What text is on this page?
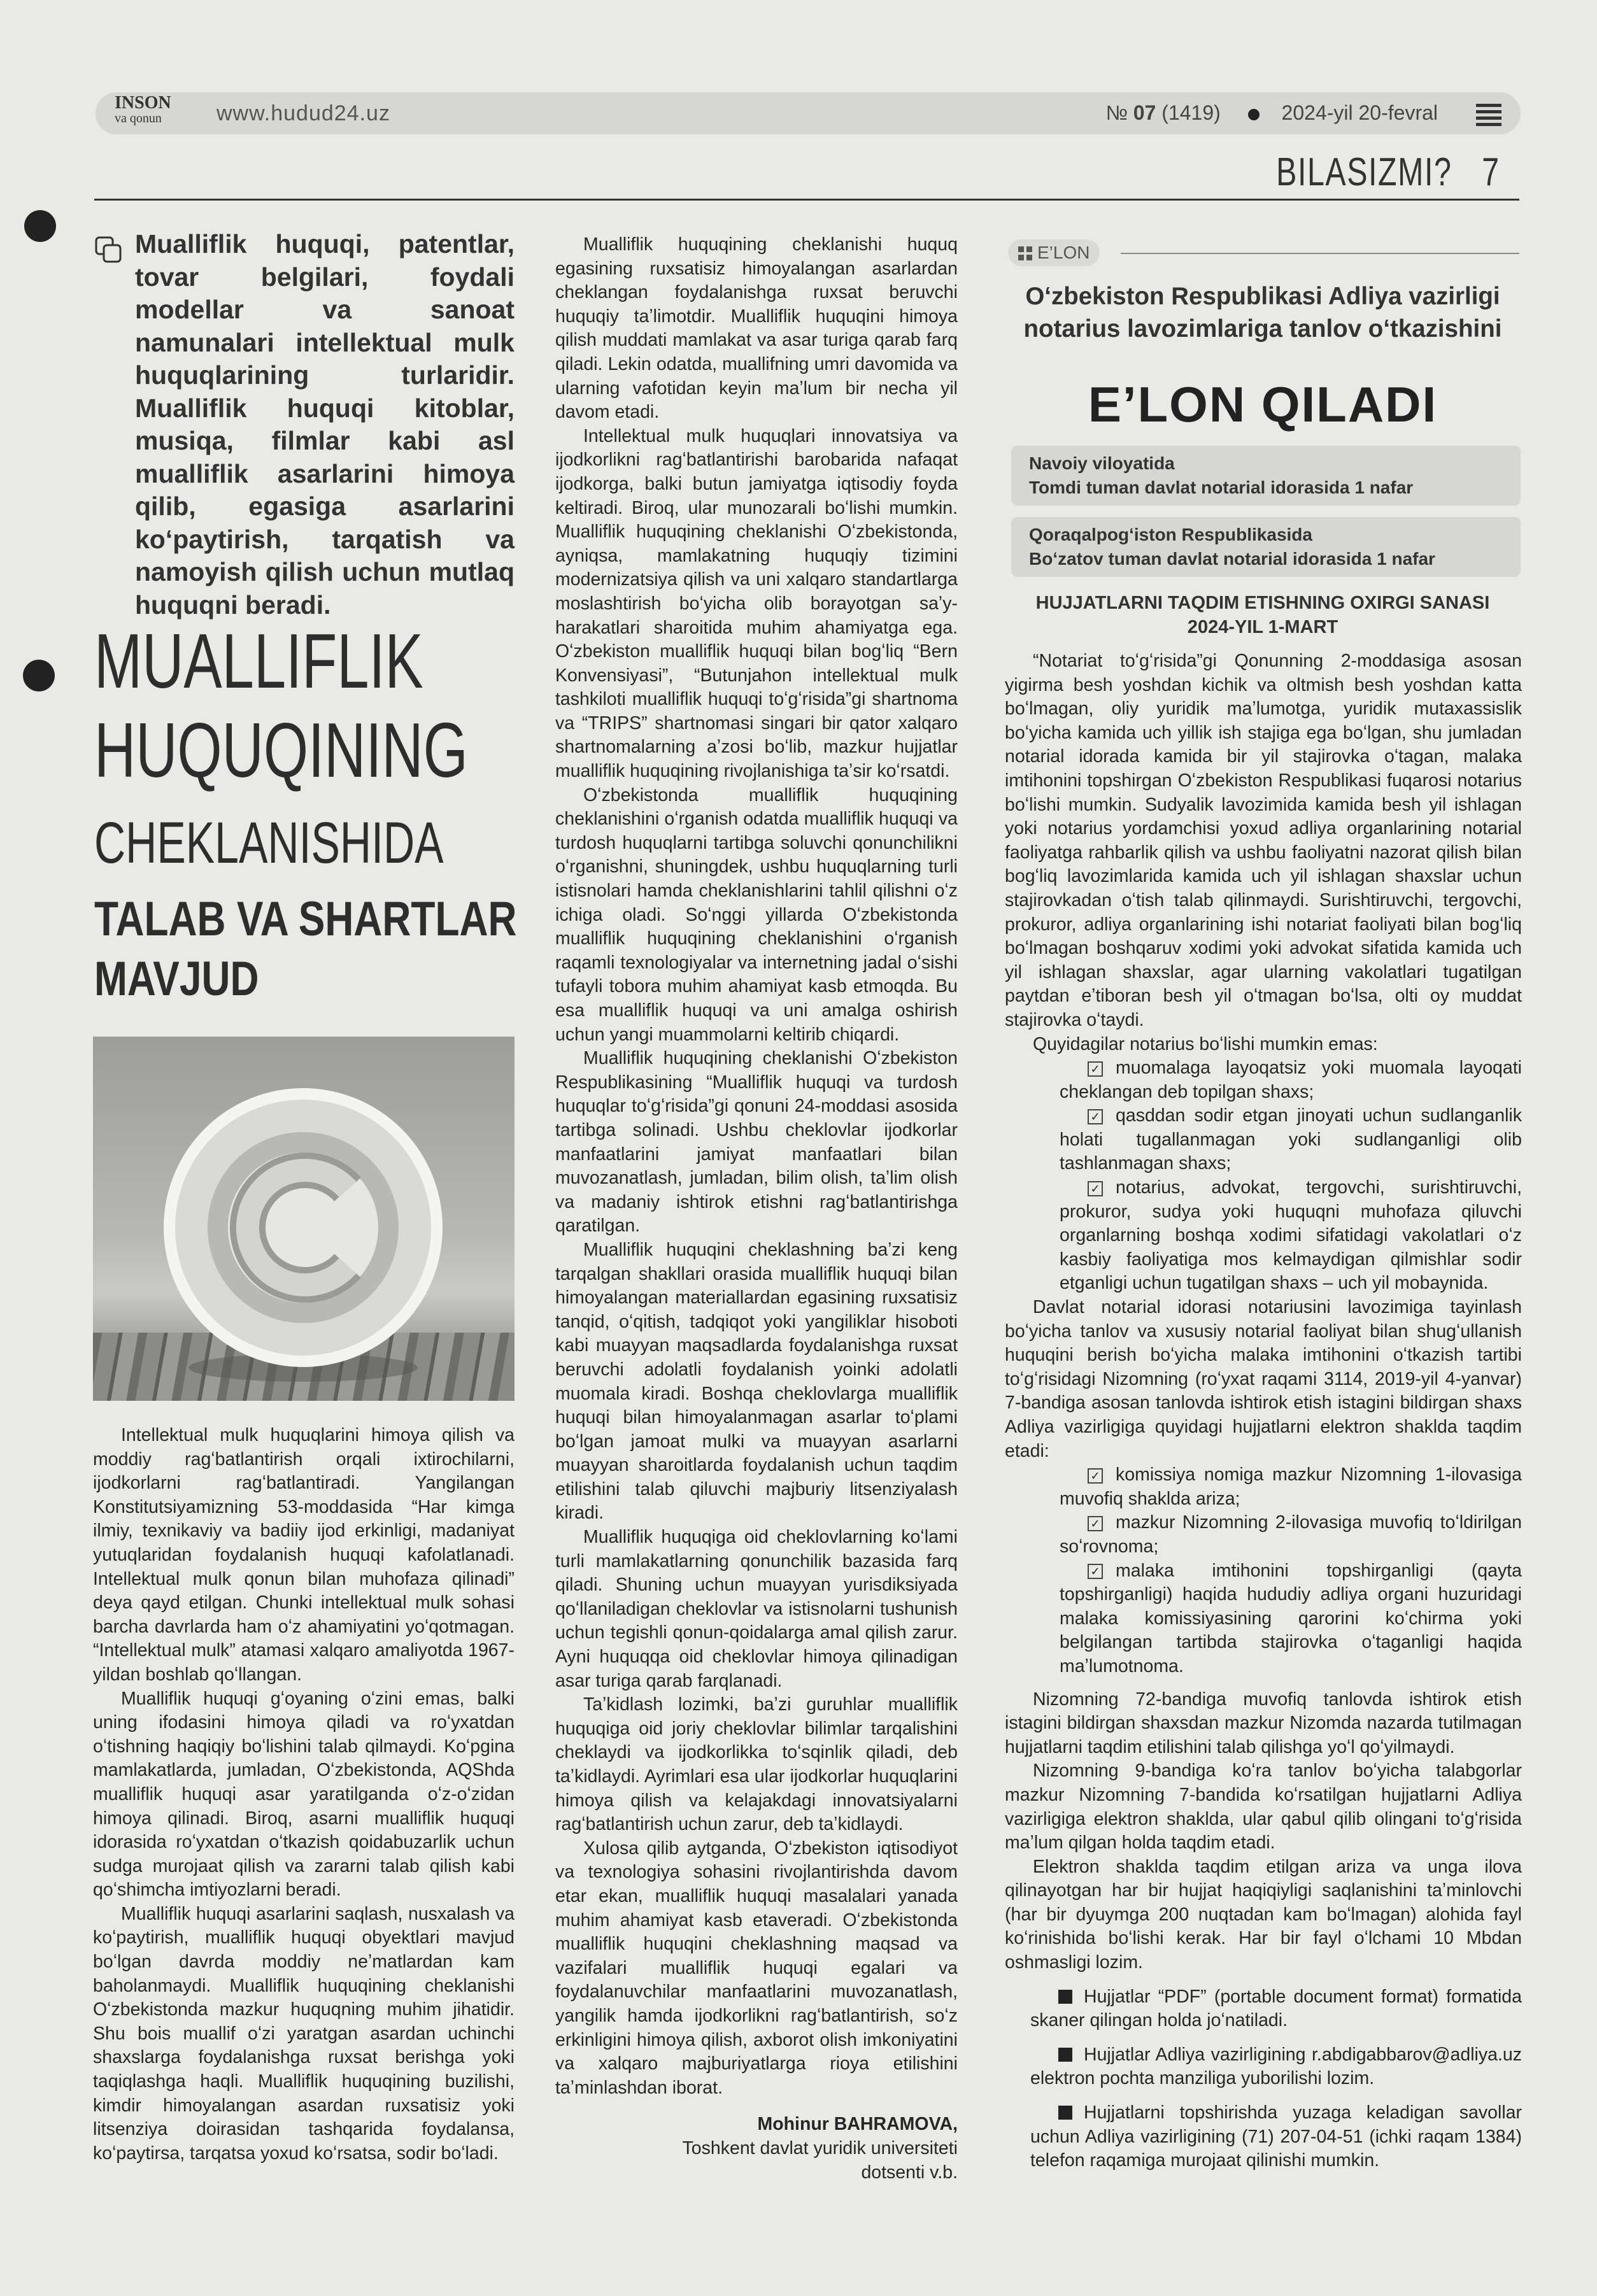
INSON
va qonun	www.hudud24.uz	№ 07 (1419)	2024-yil 20-fevral
BILASIZMI? 7
Mualliflik huquqi, patentlar, tovar belgilari, foydali modellar va sanoat namunalari intellektual mulk huquqlarining turlaridir. Mualliflik huquqi kitoblar, musiqa, filmlar kabi asl mualliflik asarlarini himoya qilib, egasiga asarlarini koʻpaytirish, tarqatish va namoyish qilish uchun mutlaq huquqni beradi.
MUALLIFLIK
HUQUQINING
CHEKLANISHIDA
TALAB VA SHARTLAR
MAVJUD

Intellektual mulk huquqlarini himoya qilish va moddiy ragʻbatlantirish orqali ixtirochilarni, ijodkorlarni ragʻbatlantiradi. Yangilangan Konstitutsiyamizning 53-moddasida “Har kimga ilmiy, texnikaviy va badiiy ijod erkinligi, madaniyat yutuqlaridan foydalanish huquqi kafolatlanadi. Intellektual mulk qonun bilan muhofaza qilinadi” deya qayd etilgan. Chunki intellektual mulk sohasi barcha davrlarda ham oʻz ahamiyatini yoʻqotmagan. “Intellektual mulk” atamasi xalqaro amaliyotda 1967-yildan boshlab qoʻllangan.

Mualliflik huquqi gʻoyaning oʻzini emas, balki uning ifodasini himoya qiladi va roʻyxatdan oʻtishning haqiqiy boʻlishini talab qilmaydi. Koʻpgina mamlakatlarda, jumladan, Oʻzbekistonda, AQShda mualliflik huquqi asar yaratilganda oʻz-oʻzidan himoya qilinadi. Biroq, asarni mualliflik huquqi idorasida roʻyxatdan oʻtkazish qoidabuzarlik uchun sudga murojaat qilish va zararni talab qilish kabi qoʻshimcha imtiyozlarni beradi.

Mualliflik huquqi asarlarini saqlash, nusxalash va koʻpaytirish, mualliflik huquqi obyektlari mavjud boʻlgan davrda moddiy neʼmatlardan kam baholanmaydi. Mualliflik huquqining cheklanishi Oʻzbekistonda mazkur huquqning muhim jihatidir. Shu bois muallif oʻzi yaratgan asardan uchinchi shaxslarga foydalanishga ruxsat berishga yoki taqiqlashga haqli. Mualliflik huquqining buzilishi, kimdir himoyalangan asardan ruxsatisiz yoki litsenziya doirasidan tashqarida foydalansa, koʻpaytirsa, tarqatsa yoxud koʻrsatsa, sodir boʻladi.

Mualliflik huquqining cheklanishi huquq egasining ruxsatisiz himoyalangan asarlardan cheklangan foydalanishga ruxsat beruvchi huquqiy taʼlimotdir. Mualliflik huquqini himoya qilish muddati mamlakat va asar turiga qarab farq qiladi. Lekin odatda, muallifning umri davomida va ularning vafotidan keyin maʼlum bir necha yil davom etadi.

Intellektual mulk huquqlari innovatsiya va ijodkorlikni ragʻbatlantirishi barobarida nafaqat ijodkorga, balki butun jamiyatga iqtisodiy foyda keltiradi. Biroq, ular munozarali boʻlishi mumkin. Mualliflik huquqining cheklanishi Oʻzbekistonda, ayniqsa, mamlakatning huquqiy tizimini modernizatsiya qilish va uni xalqaro standartlarga moslashtirish boʻyicha olib borayotgan saʼy-harakatlari sharoitida muhim ahamiyatga ega. Oʻzbekiston mualliflik huquqi bilan bogʻliq “Bern Konvensiyasi”, “Butunjahon intellektual mulk tashkiloti mualliflik huquqi toʻgʻrisida”gi shartnoma va “TRIPS” shartnomasi singari bir qator xalqaro shartnomalarning aʼzosi boʻlib, mazkur hujjatlar mualliflik huquqining rivojlanishiga taʼsir koʻrsatdi.

Oʻzbekistonda mualliflik huquqining cheklanishini oʻrganish odatda mualliflik huquqi va turdosh huquqlarni tartibga soluvchi qonunchilikni oʻrganishni, shuningdek, ushbu huquqlarning turli istisnolari hamda cheklanishlarini tahlil qilishni oʻz ichiga oladi. Soʻnggi yillarda Oʻzbekistonda mualliflik huquqining cheklanishini oʻrganish raqamli texnologiyalar va internetning jadal oʻsishi tufayli tobora muhim ahamiyat kasb etmoqda. Bu esa mualliflik huquqi va uni amalga oshirish uchun yangi muammolarni keltirib chiqardi.

Mualliflik huquqining cheklanishi Oʻzbekiston Respublikasining “Mualliflik huquqi va turdosh huquqlar toʻgʻrisida”gi qonuni 24-moddasi asosida tartibga solinadi. Ushbu cheklovlar ijodkorlar manfaatlarini jamiyat manfaatlari bilan muvozanatlash, jumladan, bilim olish, taʼlim olish va madaniy ishtirok etishni ragʻbatlantirishga qaratilgan.

Mualliflik huquqini cheklashning baʼzi keng tarqalgan shakllari orasida mualliflik huquqi bilan himoyalangan materiallardan egasining ruxsatisiz tanqid, oʻqitish, tadqiqot yoki yangiliklar hisoboti kabi muayyan maqsadlarda foydalanishga ruxsat beruvchi adolatli foydalanish yoinki adolatli muomala kiradi. Boshqa cheklovlarga mualliflik huquqi bilan himoyalanmagan asarlar toʻplami boʻlgan jamoat mulki va muayyan asarlarni muayyan sharoitlarda foydalanish uchun taqdim etilishini talab qiluvchi majburiy litsenziyalash kiradi.

Mualliflik huquqiga oid cheklovlarning koʻlami turli mamlakatlarning qonunchilik bazasida farq qiladi. Shuning uchun muayyan yurisdiksiyada qoʻllaniladigan cheklovlar va istisnolarni tushunish uchun tegishli qonun-qoidalarga amal qilish zarur. Ayni huquqqa oid cheklovlar himoya qilinadigan asar turiga qarab farqlanadi.

Taʼkidlash lozimki, baʼzi guruhlar mualliflik huquqiga oid joriy cheklovlar bilimlar tarqalishini cheklaydi va ijodkorlikka toʻsqinlik qiladi, deb taʼkidlaydi. Ayrimlari esa ular ijodkorlar huquqlarini himoya qilish va kelajakdagi innovatsiyalarni ragʻbatlantirish uchun zarur, deb taʼkidlaydi.

Xulosa qilib aytganda, Oʻzbekiston iqtisodiyot va texnologiya sohasini rivojlantirishda davom etar ekan, mualliflik huquqi masalalari yanada muhim ahamiyat kasb etaveradi. Oʻzbekistonda mualliflik huquqini cheklashning maqsad va vazifalari mualliflik huquqi egalari va foydalanuvchilar manfaatlarini muvozanatlash, yangilik hamda ijodkorlikni ragʻbatlantirish, soʻz erkinligini himoya qilish, axborot olish imkoniyatini va xalqaro majburiyatlarga rioya etilishini taʼminlashdan iborat.

Mohinur BAHRAMOVA,
Toshkent davlat yuridik universiteti
dotsenti v.b.
E’LON
Oʻzbekiston Respublikasi Adliya vazirligi notarius lavozimlariga tanlov oʻtkazishini
E’LON QILADI
Navoiy viloyatida
Tomdi tuman davlat notarial idorasida 1 nafar
Qoraqalpogʻiston Respublikasida
Boʻzatov tuman davlat notarial idorasida 1 nafar
HUJJATLARNI TAQDIM ETISHNING OXIRGI SANASI
2024-YIL 1-MART

“Notariat toʻgʻrisida”gi Qonunning 2-moddasiga asosan yigirma besh yoshdan kichik va oltmish besh yoshdan katta boʻlmagan, oliy yuridik maʼlumotga, yuridik mutaxassislik boʻyicha kamida uch yillik ish stajiga ega boʻlgan, shu jumladan notarial idorada kamida bir yil stajirovka oʻtagan, malaka imtihonini topshirgan Oʻzbekiston Respublikasi fuqarosi notarius boʻlishi mumkin. Sudyalik lavozimida kamida besh yil ishlagan yoki notarius yordamchisi yoxud adliya organlarining notarial faoliyatga rahbarlik qilish va ushbu faoliyatni nazorat qilish bilan bogʻliq lavozimlarida kamida uch yil ishlagan shaxslar uchun stajirovkadan oʻtish talab qilinmaydi. Surishtiruvchi, tergovchi, prokuror, adliya organlarining ishi notariat faoliyati bilan bogʻliq boʻlmagan boshqaruv xodimi yoki advokat sifatida kamida uch yil ishlagan shaxslar, agar ularning vakolatlari tugatilgan paytdan eʼtiboran besh yil oʻtmagan boʻlsa, olti oy muddat stajirovka oʻtaydi.

Quyidagilar notarius boʻlishi mumkin emas:

✓ muomalaga layoqatsiz yoki muomala layoqati cheklangan deb topilgan shaxs;

✓ qasddan sodir etgan jinoyati uchun sudlanganlik holati tugallanmagan yoki sudlanganligi olib tashlanmagan shaxs;

✓ notarius, advokat, tergovchi, surishtiruvchi, prokuror, sudya yoki huquqni muhofaza qiluvchi organlarning boshqa xodimi sifatidagi vakolatlari oʻz kasbiy faoliyatiga mos kelmaydigan qilmishlar sodir etganligi uchun tugatilgan shaxs – uch yil mobaynida.

Davlat notarial idorasi notariusini lavozimiga tayinlash boʻyicha tanlov va xususiy notarial faoliyat bilan shugʻullanish huquqini berish boʻyicha malaka imtihonini oʻtkazish tartibi toʻgʻrisidagi Nizomning (roʻyxat raqami 3114, 2019-yil 4-yanvar) 7-bandiga asosan tanlovda ishtirok etish istagini bildirgan shaxs Adliya vazirligiga quyidagi hujjatlarni elektron shaklda taqdim etadi:

✓ komissiya nomiga mazkur Nizomning 1-ilovasiga muvofiq shaklda ariza;

✓ mazkur Nizomning 2-ilovasiga muvofiq toʻldirilgan soʻrovnoma;

✓ malaka imtihonini topshirganligi (qayta topshirganligi) haqida hududiy adliya organi huzuridagi malaka komissiyasining qarorini koʻchirma yoki belgilangan tartibda stajirovka oʻtaganligi haqida maʼlumotnoma.

Nizomning 72-bandiga muvofiq tanlovda ishtirok etish istagini bildirgan shaxsdan mazkur Nizomda nazarda tutilmagan hujjatlarni taqdim etilishini talab qilishga yoʻl qoʻyilmaydi.

Nizomning 9-bandiga koʻra tanlov boʻyicha talabgorlar mazkur Nizomning 7-bandida koʻrsatilgan hujjatlarni Adliya vazirligiga elektron shaklda, ular qabul qilib olingani toʻgʻrisida maʼlum qilgan holda taqdim etadi.

Elektron shaklda taqdim etilgan ariza va unga ilova qilinayotgan har bir hujjat haqiqiyligi saqlanishini taʼminlovchi (har bir dyuymga 200 nuqtadan kam boʻlmagan) alohida fayl koʻrinishida boʻlishi kerak. Har bir fayl oʻlchami 10 Mbdan oshmasligi lozim.

Hujjatlar “PDF” (portable document format) formatida skaner qilingan holda joʻnatiladi.

Hujjatlar Adliya vazirligining r.abdigabbarov@adliya.uz elektron pochta manziliga yuborilishi lozim.

Hujjatlarni topshirishda yuzaga keladigan savollar uchun Adliya vazirligining (71) 207-04-51 (ichki raqam 1384) telefon raqamiga murojaat qilinishi mumkin.
